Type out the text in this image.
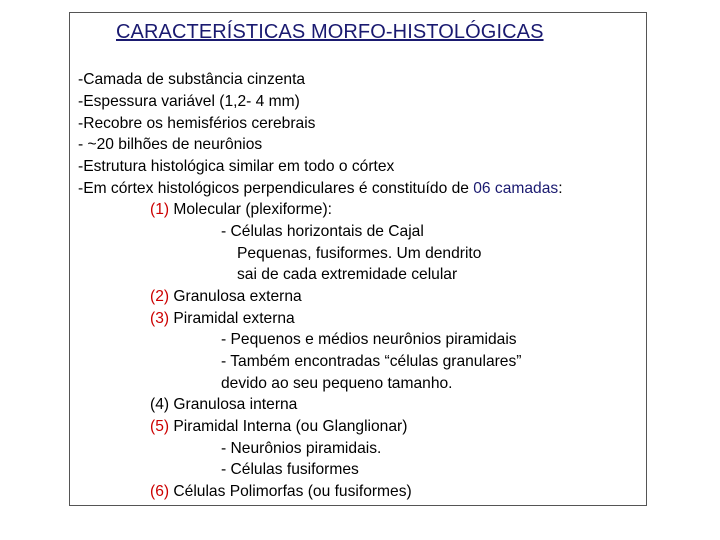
CARACTERÍSTICAS MORFO-HISTOLÓGICAS
-Camada de substância cinzenta
-Espessura variável (1,2- 4 mm)
-Recobre os hemisférios cerebrais
- ~20 bilhões de neurônios
-Estrutura histológica similar em todo o córtex
-Em córtex histológicos perpendiculares é constituído de 06 camadas:
(1) Molecular (plexiforme):
- Células horizontais de Cajal
Pequenas, fusiformes. Um dendrito
sai de cada extremidade celular
(2) Granulosa externa
(3) Piramidal externa
- Pequenos e médios neurônios piramidais
- Também encontradas “células granulares”
devido ao seu pequeno tamanho.
(4) Granulosa interna
(5) Piramidal Interna (ou Glanglionar)
- Neurônios piramidais.
- Células fusiformes
(6) Células Polimorfas (ou fusiformes)
